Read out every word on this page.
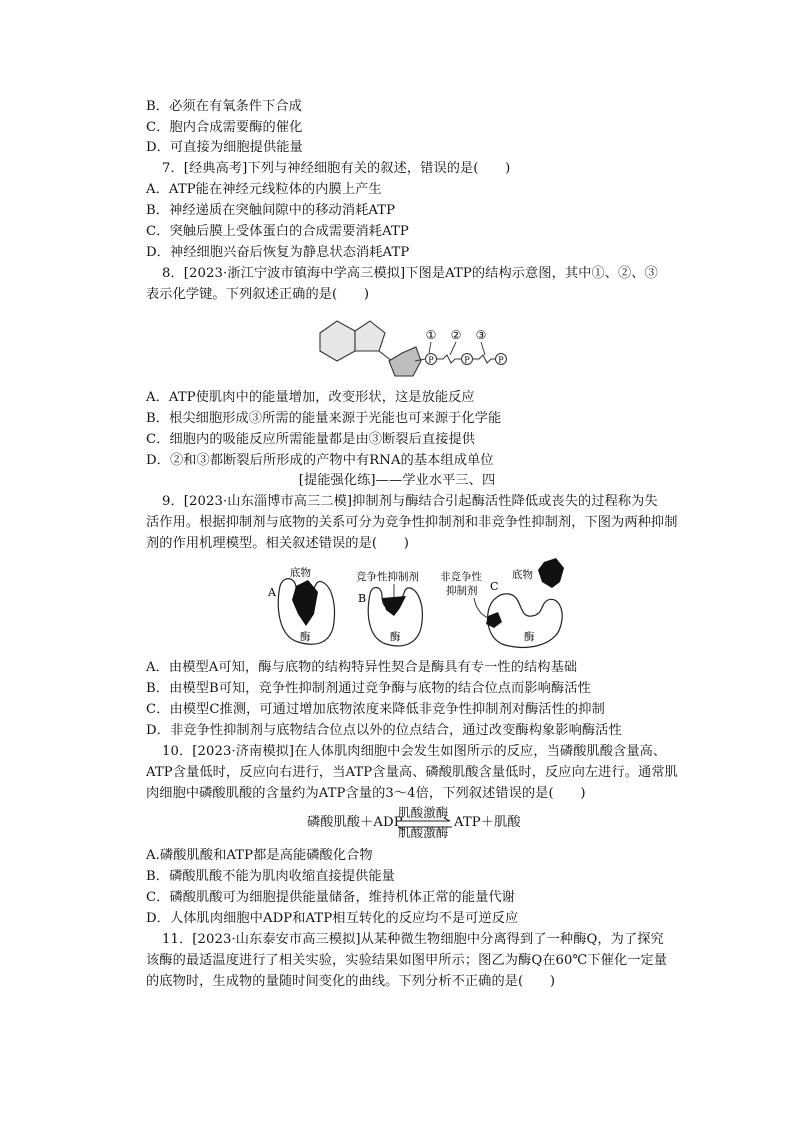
B．必须在有氧条件下合成
C．胞内合成需要酶的催化
D．可直接为细胞提供能量
7．[经典高考]下列与神经细胞有关的叙述，错误的是(　　)
A．ATP能在神经元线粒体的内膜上产生
B．神经递质在突触间隙中的移动消耗ATP
C．突触后膜上受体蛋白的合成需要消耗ATP
D．神经细胞兴奋后恢复为静息状态消耗ATP
8．[2023·浙江宁波市镇海中学高三模拟]下图是ATP的结构示意图，其中①、②、③
表示化学键。下列叙述正确的是(　　)
P	P	P
① ② ③
A．ATP使肌肉中的能量增加，改变形状，这是放能反应
B．根尖细胞形成③所需的能量来源于光能也可来源于化学能
C．细胞内的吸能反应所需能量都是由③断裂后直接提供
D．②和③都断裂后所形成的产物中有RNA的基本组成单位
[提能强化练]——学业水平三、四
9．[2023·山东淄博市高三二模]抑制剂与酶结合引起酶活性降低或丧失的过程称为失
活作用。根据抑制剂与底物的关系可分为竞争性抑制剂和非竞争性抑制剂，下图为两种抑制
剂的作用机理模型。相关叙述错误的是(　　)
A
底物
酶
B
竞争性抑制剂
酶
非竞争性
抑制剂 C
底物
酶
A．由模型A可知，酶与底物的结构特异性契合是酶具有专一性的结构基础
B．由模型B可知，竞争性抑制剂通过竞争酶与底物的结合位点而影响酶活性
C．由模型C推测，可通过增加底物浓度来降低非竞争性抑制剂对酶活性的抑制
D．非竞争性抑制剂与底物结合位点以外的位点结合，通过改变酶构象影响酶活性
10．[2023·济南模拟]在人体肌肉细胞中会发生如图所示的反应，当磷酸肌酸含量高、
ATP含量低时，反应向右进行，当ATP含量高、磷酸肌酸含量低时，反应向左进行。通常肌
肉细胞中磷酸肌酸的含量约为ATP含量的3～4倍，下列叙述错误的是(　　)
肌酸激酶
磷酸肌酸＋ADP ⇌ ATP＋肌酸
肌酸激酶
A.磷酸肌酸和ATP都是高能磷酸化合物
B．磷酸肌酸不能为肌肉收缩直接提供能量
C．磷酸肌酸可为细胞提供能量储备，维持机体正常的能量代谢
D．人体肌肉细胞中ADP和ATP相互转化的反应均不是可逆反应
11．[2023·山东泰安市高三模拟]从某种微生物细胞中分离得到了一种酶Q，为了探究
该酶的最适温度进行了相关实验，实验结果如图甲所示；图乙为酶Q在60℃下催化一定量
的底物时，生成物的量随时间变化的曲线。下列分析不正确的是(　　)
